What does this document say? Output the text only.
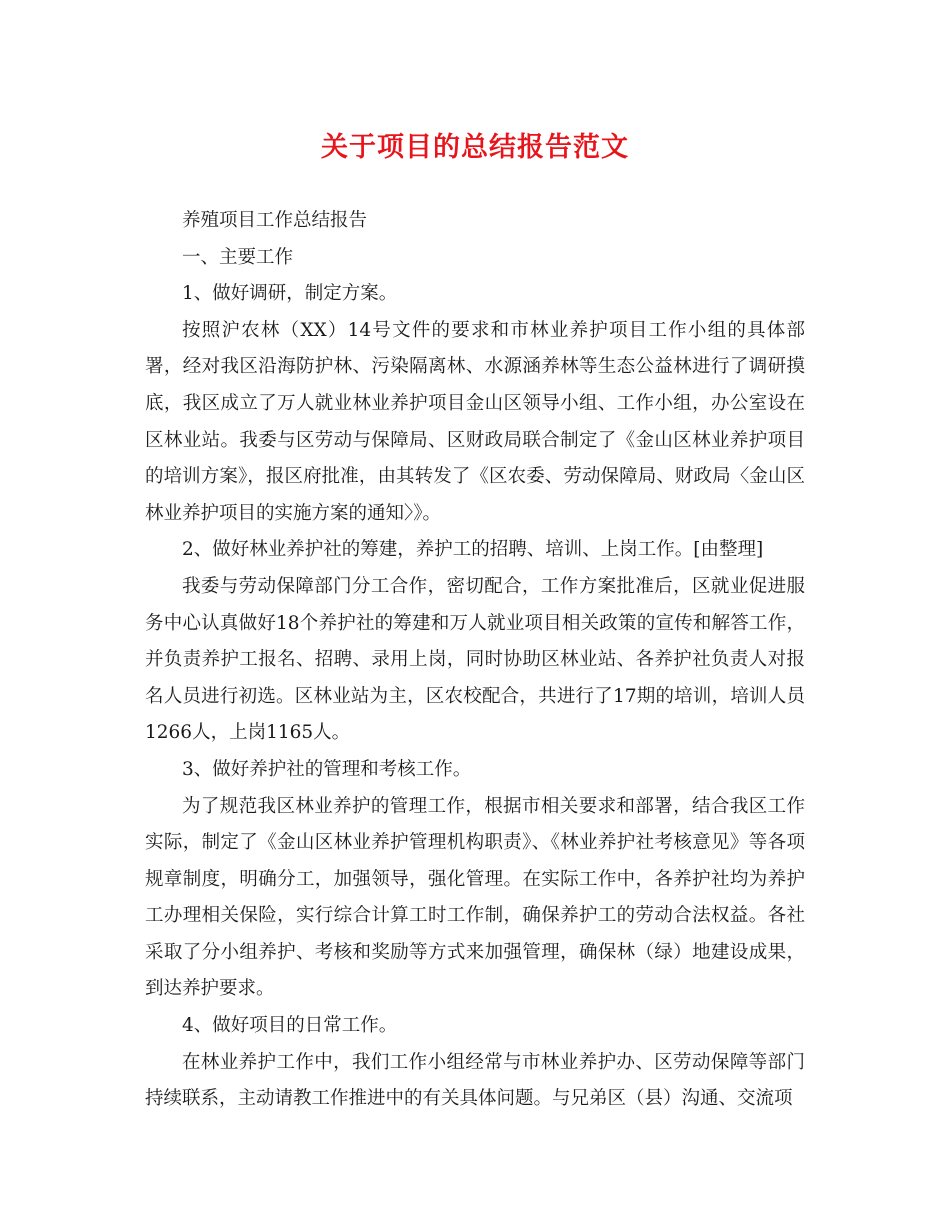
关于项目的总结报告范文

养殖项目工作总结报告

一、主要工作

1、做好调研，制定方案。

按照沪农林（XX）14号文件的要求和市林业养护项目工作小组的具体部署，经对我区沿海防护林、污染隔离林、水源涵养林等生态公益林进行了调研摸底，我区成立了万人就业林业养护项目金山区领导小组、工作小组，办公室设在区林业站。我委与区劳动与保障局、区财政局联合制定了《金山区林业养护项目的培训方案》，报区府批准，由其转发了《区农委、劳动保障局、财政局〈金山区林业养护项目的实施方案的通知〉》。

2、做好林业养护社的筹建，养护工的招聘、培训、上岗工作。[由整理]

我委与劳动保障部门分工合作，密切配合，工作方案批准后，区就业促进服务中心认真做好18个养护社的筹建和万人就业项目相关政策的宣传和解答工作，并负责养护工报名、招聘、录用上岗，同时协助区林业站、各养护社负责人对报名人员进行初选。区林业站为主，区农校配合，共进行了17期的培训，培训人员1266人，上岗1165人。

3、做好养护社的管理和考核工作。

为了规范我区林业养护的管理工作，根据市相关要求和部署，结合我区工作实际，制定了《金山区林业养护管理机构职责》、《林业养护社考核意见》等各项规章制度，明确分工，加强领导，强化管理。在实际工作中，各养护社均为养护工办理相关保险，实行综合计算工时工作制，确保养护工的劳动合法权益。各社采取了分小组养护、考核和奖励等方式来加强管理，确保林（绿）地建设成果，到达养护要求。

4、做好项目的日常工作。

在林业养护工作中，我们工作小组经常与市林业养护办、区劳动保障等部门持续联系，主动请教工作推进中的有关具体问题。与兄弟区（县）沟通、交流项
